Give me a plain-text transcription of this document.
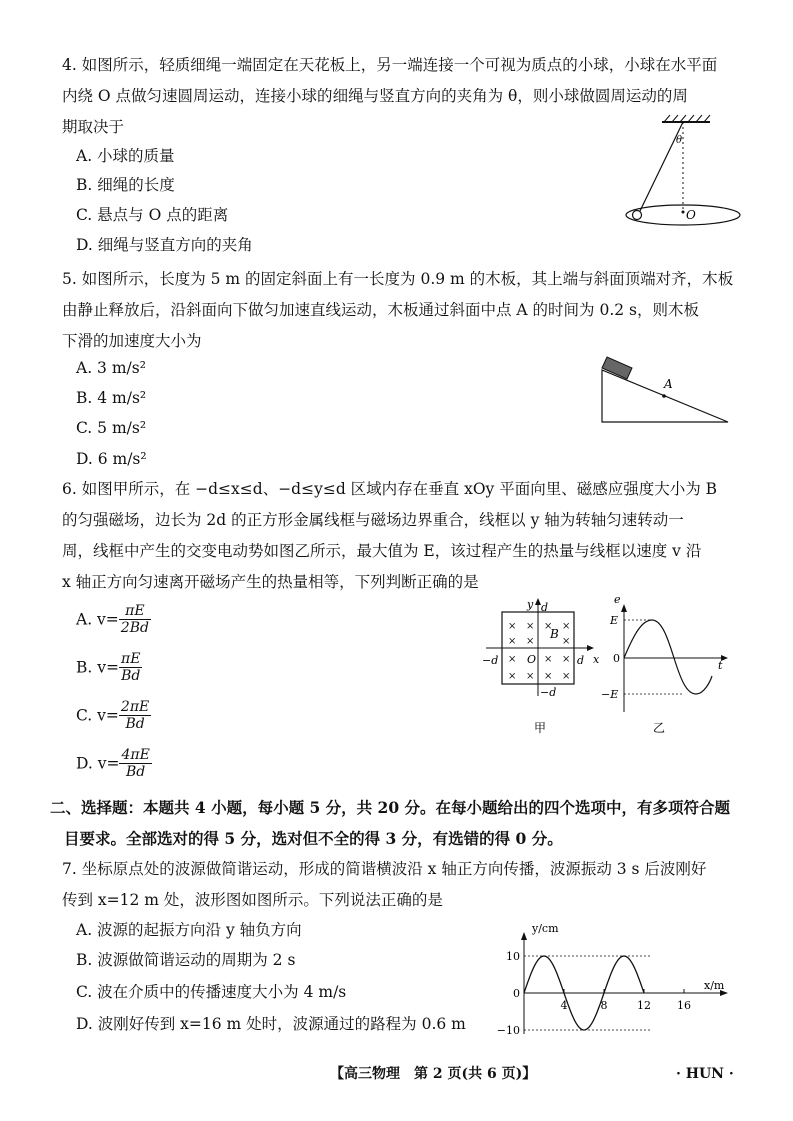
4. 如图所示，轻质细绳一端固定在天花板上，另一端连接一个可视为质点的小球，小球在水平面
内绕 O 点做匀速圆周运动，连接小球的细绳与竖直方向的夹角为 θ，则小球做圆周运动的周
期取决于
A. 小球的质量
B. 细绳的长度
C. 悬点与 O 点的距离
D. 细绳与竖直方向的夹角
θ
O
5. 如图所示，长度为 5 m 的固定斜面上有一长度为 0.9 m 的木板，其上端与斜面顶端对齐，木板
由静止释放后，沿斜面向下做匀加速直线运动，木板通过斜面中点 A 的时间为 0.2 s，则木板
下滑的加速度大小为
A. 3 m/s²
B. 4 m/s²
C. 5 m/s²
D. 6 m/s²
A
6. 如图甲所示，在 −d≤x≤d、−d≤y≤d 区域内存在垂直 xOy 平面向里、磁感应强度大小为 B
的匀强磁场，边长为 2d 的正方形金属线框与磁场边界重合，线框以 y 轴为转轴匀速转动一
周，线框中产生的交变电动势如图乙所示，最大值为 E，该过程产生的热量与线框以速度 v 沿
x 轴正方向匀速离开磁场产生的热量相等，下列判断正确的是
A. $v= \frac{\pi E}{2Bd}$
B. $v= \frac{\pi E}{Bd}$
C. $v= \frac{2\pi E}{Bd}$
D. $v= \frac{4\pi E}{Bd}$
× × × ×
× ×	×
×	× ×
× × × ×
y d
B
−d	O	d x
−d
甲
e
E
0
−E
t
乙
二、选择题：本题共 4 小题，每小题 5 分，共 20 分。在每小题给出的四个选项中，有多项符合题
目要求。全部选对的得 5 分，选对但不全的得 3 分，有选错的得 0 分。
7. 坐标原点处的波源做简谐运动，形成的简谐横波沿 x 轴正方向传播，波源振动 3 s 后波刚好
传到 x=12 m 处，波形图如图所示。下列说法正确的是
A. 波源的起振方向沿 y 轴负方向
B. 波源做简谐运动的周期为 2 s
C. 波在介质中的传播速度大小为 4 m/s
D. 波刚好传到 x=16 m 处时，波源通过的路程为 0.6 m
10
0
−10
4	8	12 16
y/cm
x/m
【高三物理　第 2 页(共 6 页)】	· HUN ·
